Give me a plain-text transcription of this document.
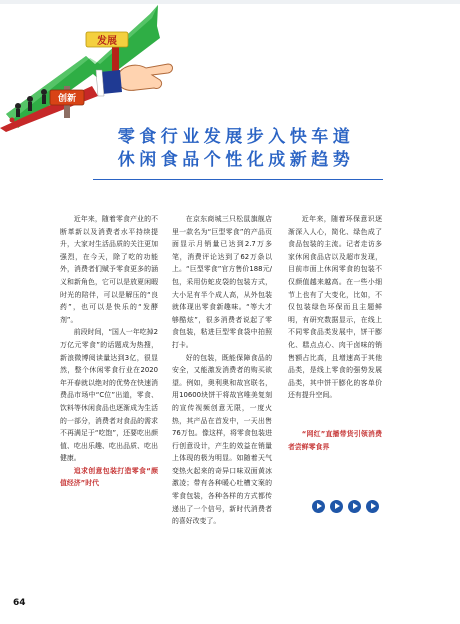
发展
创新
零食行业发展步入快车道
休闲食品个性化成新趋势

近年来，随着零食产业的不断革新以及消费者水平持续提升，大家对生活品质的关注更加强烈，在今天，除了吃的功能外，消费者们赋予零食更多的涵义和新角色，它可以是放夏闲暇时光的陪伴，可以是解压的“良药”，也可以是快乐的“发酵剂”。

前段时间，“国人一年吃掉2万亿元零食”的话题成为热搜，新浪微博阅读量达到3亿，很显然，整个休闲零食行业在2020年开春就以绝对的优势在快速消费品市场中“C位”出道，零食、饮料等休闲食品也逐渐成为生活的一部分，消费者对食品的需求不再满足于“吃饱”，还要吃出颜值、吃出乐趣、吃出品质、吃出健康。

追求创意包装打造零食“颜值经济”时代

在京东商城三只松鼠旗舰店里一款名为“巨型零食”的产品页面显示月销量已达到2.7万多笔，消费评论达到了62万条以上。“巨型零食”官方售价188元/包，采用仿蛇皮袋的包装方式，大小足有半个成人高，从外包装就体现出零食新趣味。“等大才够酷炫”，很多消费者说起了零食包装，粘进巨型零食袋中拍照打卡。

好的包装，既能保障食品的安全，又能激发消费者的购买欲望。例如，奥利奥和故宫联名，用10600块饼干将故宫唯美复刻的宣传视频创意无限，一度火热，其产品在首发中，一天出售76万包。像这样，将零食包装进行创意设计，产生的效益在销量上体现的极为明显。如随着天气变热火起来的奇异口味双面黄冰激凌；带有各种暖心吐槽文案的零食包装，各种各样的方式都传递出了一个信号，新时代消费者的喜好改变了。

近年来，随着环保意识逐渐深入人心，简化、绿色成了食品包装的主流。记者走访多家休闲食品店以及超市发现，目前市面上休闲零食的包装不仅颜值越来越高。在一些小细节上也有了大变化，比如，不仅包装绿色环保而且主题鲜明，有研究数据显示，在线上不同零食品类发展中，饼干膨化、糕点点心、肉干卤味的销售额占比高，且增速高于其他品类，是线上零食的强势发展品类，其中饼干膨化的客单价还有提升空间。

“网红”直播带货引领消费者尝鲜零食界

64
